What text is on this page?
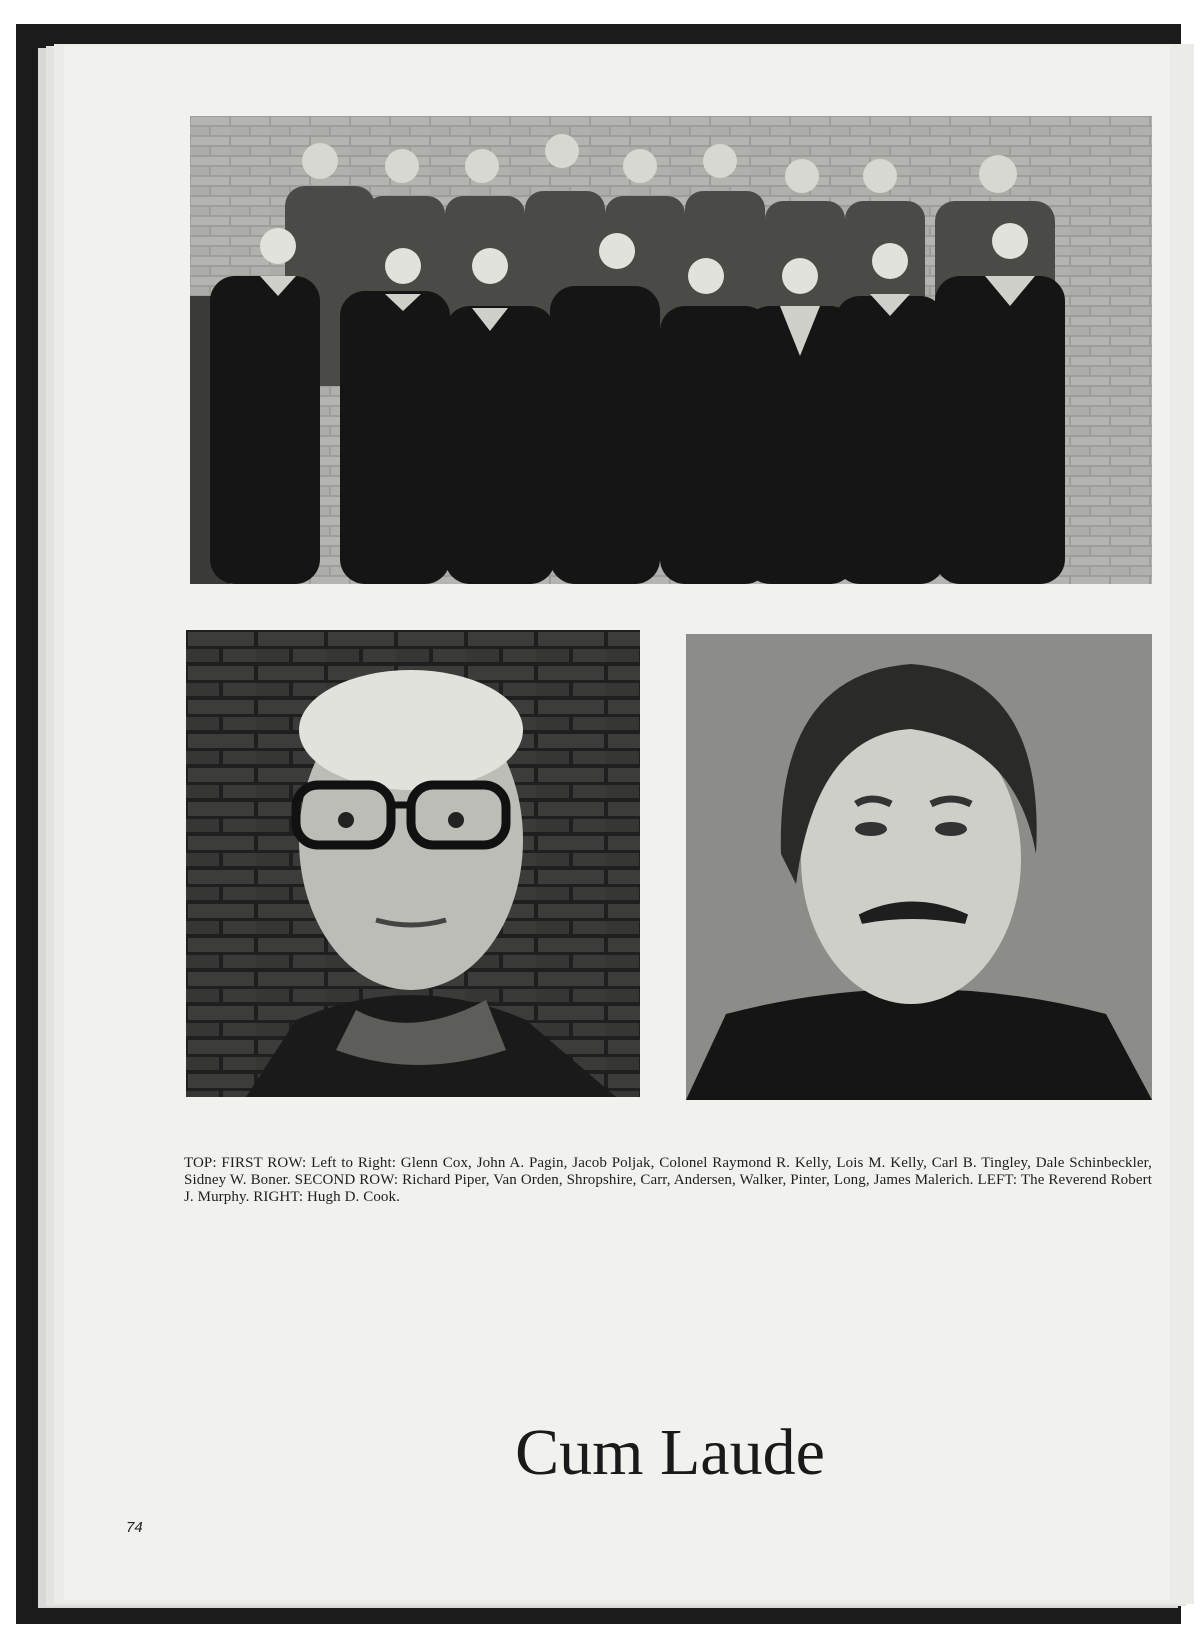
TOP: FIRST ROW: Left to Right: Glenn Cox, John A. Pagin, Jacob Poljak, Colonel Raymond R. Kelly, Lois M. Kelly, Carl B. Tingley, Dale Schinbeckler, Sidney W. Boner. SECOND ROW: Richard Piper, Van Orden, Shropshire, Carr, Andersen, Walker, Pinter, Long, James Malerich. LEFT: The Reverend Robert J. Murphy. RIGHT: Hugh D. Cook.

Cum Laude
74
